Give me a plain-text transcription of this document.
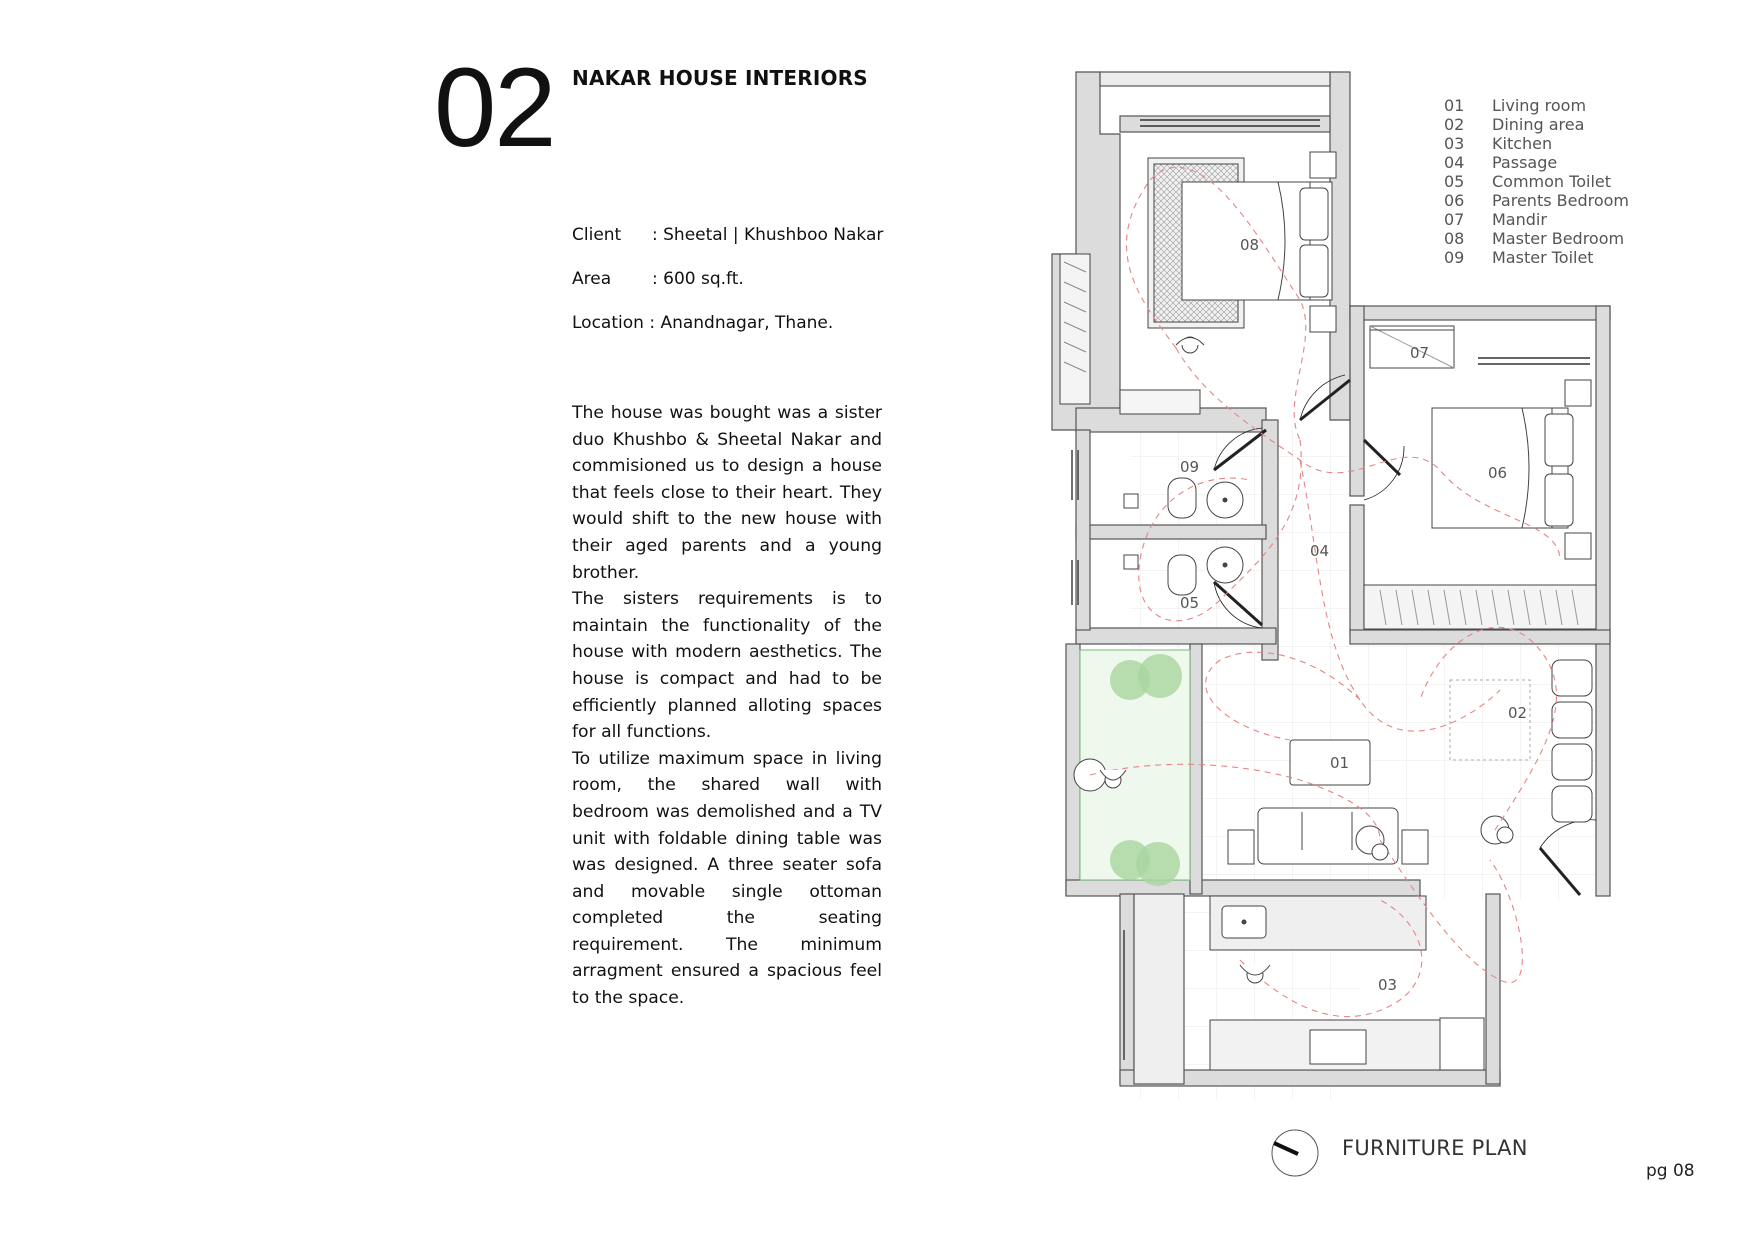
02 NAKAR HOUSE INTERIORS
Client : Sheetal | Khushboo Nakar
Area : 600 sq.ft.
Location : Anandnagar, Thane.

The house was bought was a sister duo Khushbo & Sheetal Nakar and commisioned us to design a house that feels close to their heart. They would shift to the new house with their aged parents and a young brother.

The sisters requirements is to maintain the functionality of the house with modern aesthetics. The house is compact and had to be efficiently planned alloting spaces for all functions.

To utilize maximum space in living room, the shared wall with bedroom was demolished and a TV unit with foldable dining table was was designed. A three seater sofa and movable single ottoman completed the seating requirement. The minimum arragment ensured a spacious feel to the space.

01 Living room
02 Dining area
03 Kitchen
04 Passage
05 Common Toilet
06 Parents Bedroom
07 Mandir
08 Master Bedroom
09 Master Toilet
08
06
07
09
05
04
01
02
03
FURNITURE PLAN
pg 08
